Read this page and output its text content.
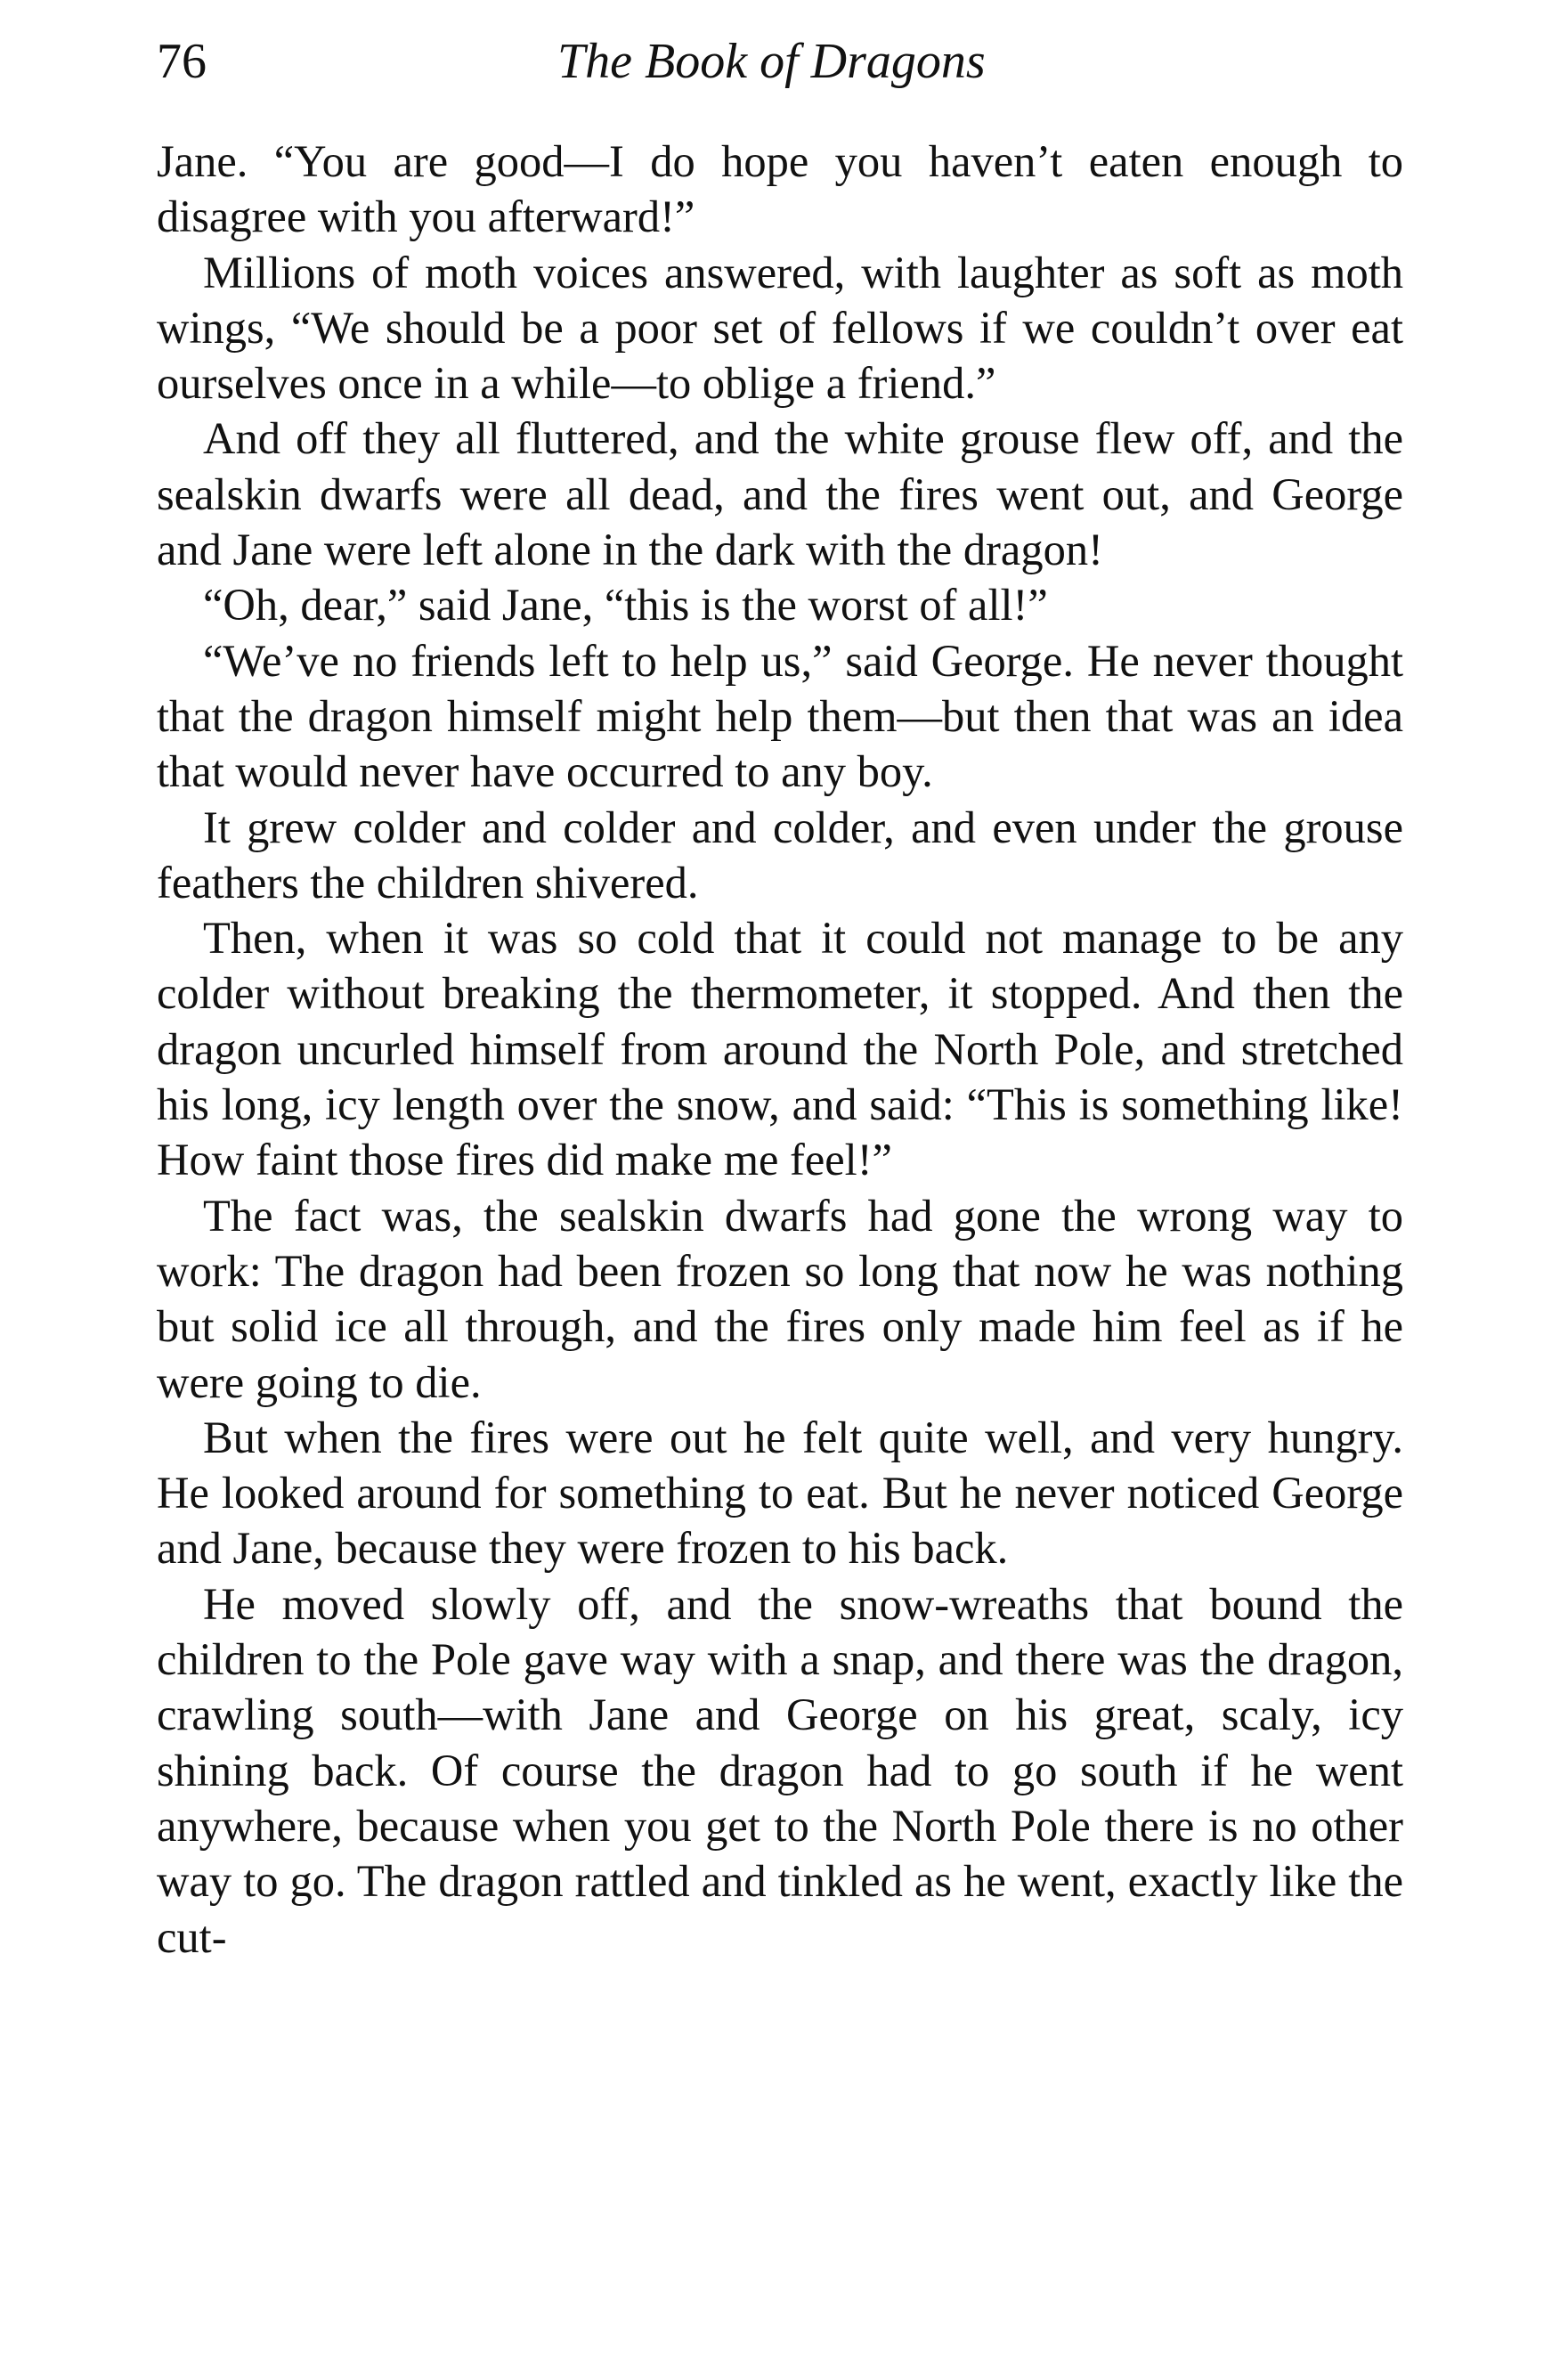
76	The Book of Dragons

Jane. “You are good—I do hope you haven’t eaten enough to disagree with you afterward!”

Millions of moth voices answered, with laughter as soft as moth wings, “We should be a poor set of fellows if we couldn’t over eat ourselves once in a while—to oblige a friend.”

And off they all fluttered, and the white grouse flew off, and the sealskin dwarfs were all dead, and the fires went out, and George and Jane were left alone in the dark with the dragon!

“Oh, dear,” said Jane, “this is the worst of all!”

“We’ve no friends left to help us,” said George. He never thought that the dragon himself might help them—but then that was an idea that would never have occurred to any boy.

It grew colder and colder and colder, and even under the grouse feathers the children shivered.

Then, when it was so cold that it could not manage to be any colder without breaking the thermometer, it stopped. And then the dragon uncurled himself from around the North Pole, and stretched his long, icy length over the snow, and said: “This is something like! How faint those fires did make me feel!”

The fact was, the sealskin dwarfs had gone the wrong way to work: The dragon had been frozen so long that now he was nothing but solid ice all through, and the fires only made him feel as if he were going to die.

But when the fires were out he felt quite well, and very hungry. He looked around for something to eat. But he never noticed George and Jane, because they were frozen to his back.

He moved slowly off, and the snow-wreaths that bound the children to the Pole gave way with a snap, and there was the dragon, crawling south—with Jane and George on his great, scaly, icy shining back. Of course the dragon had to go south if he went anywhere, because when you get to the North Pole there is no other way to go. The dragon rattled and tinkled as he went, exactly like the cut-
